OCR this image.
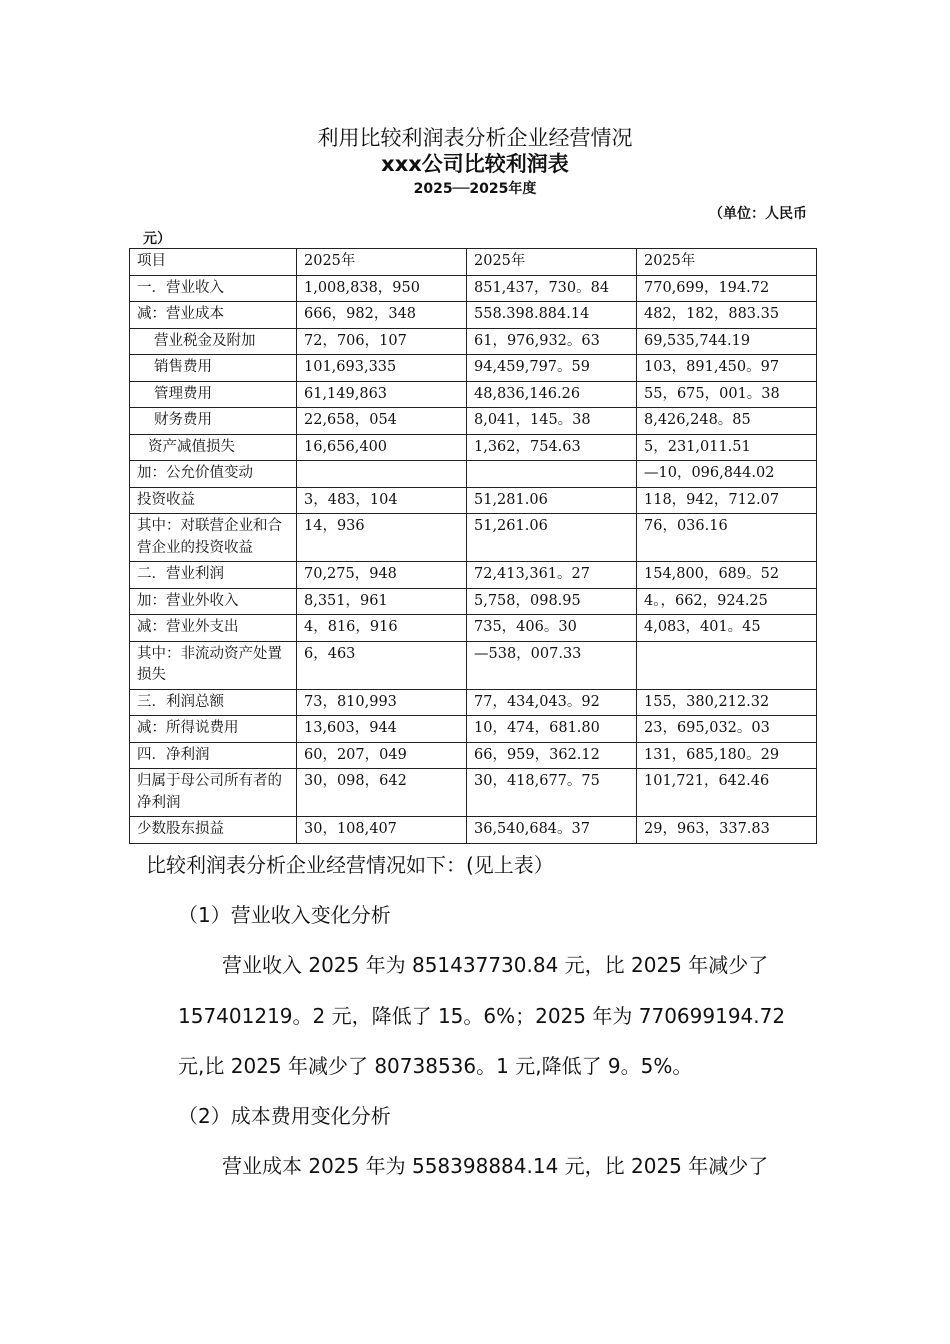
利用比较利润表分析企业经营情况
xxx公司比较利润表
2025──2025年度
（单位：人民币
元）
项目	2025年	2025年	2025年
一．营业收入	1,008,838，950	851,437，730。84	770,699，194.72
减：营业成本	666，982，348	558.398.884.14	482，182，883.35
营业税金及附加	72，706，107	61，976,932。63	69,535,744.19
销售费用	101,693,335	94,459,797。59	103，891,450。97
管理费用	61,149,863	48,836,146.26	55，675，001。38
财务费用	22,658，054	8,041，145。38	8,426,248。85
资产减值损失	16,656,400	1,362，754.63	5，231,011.51
加：公允价值变动			—10，096,844.02
投资收益	3，483，104	51,281.06	118，942，712.07
其中：对联营企业和合营企业的投资收益	14，936	51,261.06	76，036.16
二．营业利润	70,275，948	72,413,361。27	154,800，689。52
加：营业外收入	8,351，961	5,758，098.95	4。，662，924.25
减：营业外支出	4，816，916	735，406。30	4,083，401。45
其中：非流动资产处置损失	6，463	—538，007.33	
三．利润总额	73，810,993	77，434,043。92	155，380,212.32
减：所得说费用	13,603，944	10，474，681.80	23，695,032。03
四．净利润	60，207，049	66，959，362.12	131，685,180。29
归属于母公司所有者的净利润	30，098，642	30，418,677。75	101,721，642.46
少数股东损益	30，108,407	36,540,684。37	29，963，337.83
比较利润表分析企业经营情况如下：(见上表）
（1）营业收入变化分析
营业收入 2025 年为 851437730.84 元，比 2025 年减少了
157401219。2 元，降低了 15。6%；2025 年为 770699194.72
元,比 2025 年减少了 80738536。1 元,降低了 9。5%。
（2）成本费用变化分析
营业成本 2025 年为 558398884.14 元，比 2025 年减少了
